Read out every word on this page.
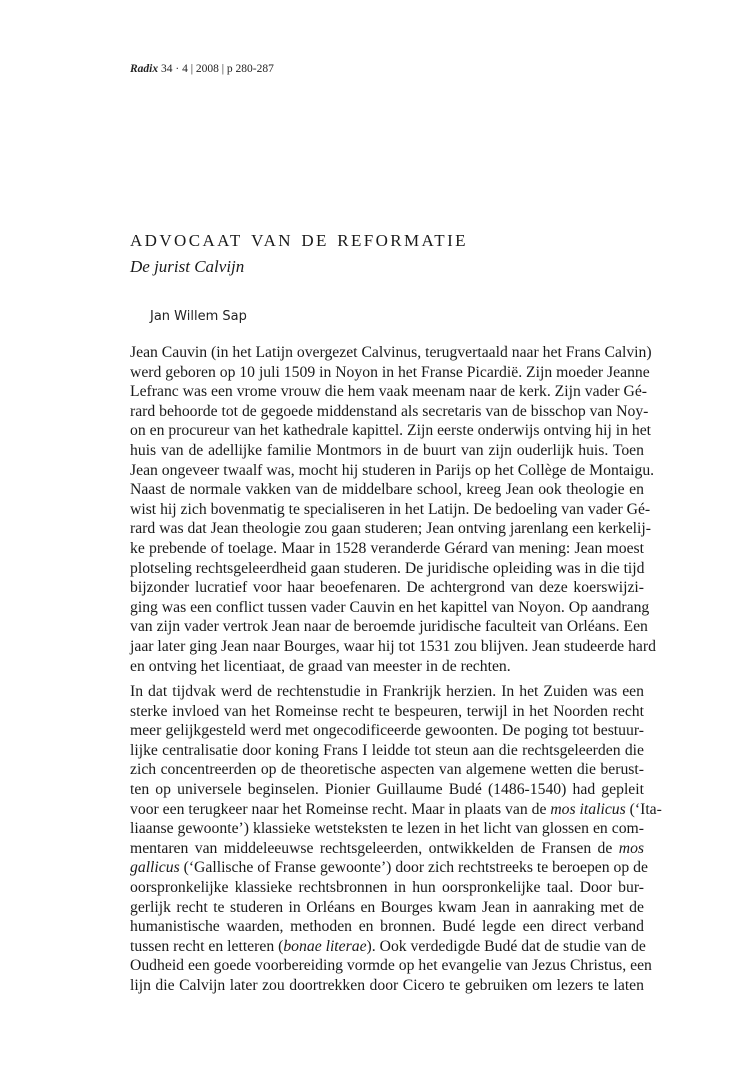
Radix 34 · 4 | 2008 | p 280-287
advocaat van de reformatie
De jurist Calvijn
Jan Willem Sap
Jean Cauvin (in het Latijn overgezet Calvinus, terugvertaald naar het Frans Calvin)
werd geboren op 10 juli 1509 in Noyon in het Franse Picardië. Zijn moeder Jeanne
Lefranc was een vrome vrouw die hem vaak meenam naar de kerk. Zijn vader Gé-
rard behoorde tot de gegoede middenstand als secretaris van de bisschop van Noy-
on en procureur van het kathedrale kapittel. Zijn eerste onderwijs ontving hij in het
huis van de adellijke familie Montmors in de buurt van zijn ouderlijk huis. Toen
Jean ongeveer twaalf was, mocht hij studeren in Parijs op het Collège de Montaigu.
Naast de normale vakken van de middelbare school, kreeg Jean ook theologie en
wist hij zich bovenmatig te specialiseren in het Latijn. De bedoeling van vader Gé-
rard was dat Jean theologie zou gaan studeren; Jean ontving jarenlang een kerkelij-
ke prebende of toelage. Maar in 1528 veranderde Gérard van mening: Jean moest
plotseling rechtsgeleerdheid gaan studeren. De juridische opleiding was in die tijd
bijzonder lucratief voor haar beoefenaren. De achtergrond van deze koerswijzi-
ging was een conflict tussen vader Cauvin en het kapittel van Noyon. Op aandrang
van zijn vader vertrok Jean naar de beroemde juridische faculteit van Orléans. Een
jaar later ging Jean naar Bourges, waar hij tot 1531 zou blijven. Jean studeerde hard
en ontving het licentiaat, de graad van meester in de rechten.
In dat tijdvak werd de rechtenstudie in Frankrijk herzien. In het Zuiden was een
sterke invloed van het Romeinse recht te bespeuren, terwijl in het Noorden recht
meer gelijkgesteld werd met ongecodificeerde gewoonten. De poging tot bestuur-
lijke centralisatie door koning Frans I leidde tot steun aan die rechtsgeleerden die
zich concentreerden op de theoretische aspecten van algemene wetten die berust-
ten op universele beginselen. Pionier Guillaume Budé (1486-1540) had gepleit
voor een terugkeer naar het Romeinse recht. Maar in plaats van de mos italicus (‘Ita-
liaanse gewoonte’) klassieke wetsteksten te lezen in het licht van glossen en com-
mentaren van middeleeuwse rechtsgeleerden, ontwikkelden de Fransen de mos
gallicus (‘Gallische of Franse gewoonte’) door zich rechtstreeks te beroepen op de
oorspronkelijke klassieke rechtsbronnen in hun oorspronkelijke taal. Door bur-
gerlijk recht te studeren in Orléans en Bourges kwam Jean in aanraking met de
humanistische waarden, methoden en bronnen. Budé legde een direct verband
tussen recht en letteren (bonae literae). Ook verdedigde Budé dat de studie van de
Oudheid een goede voorbereiding vormde op het evangelie van Jezus Christus, een
lijn die Calvijn later zou doortrekken door Cicero te gebruiken om lezers te laten
